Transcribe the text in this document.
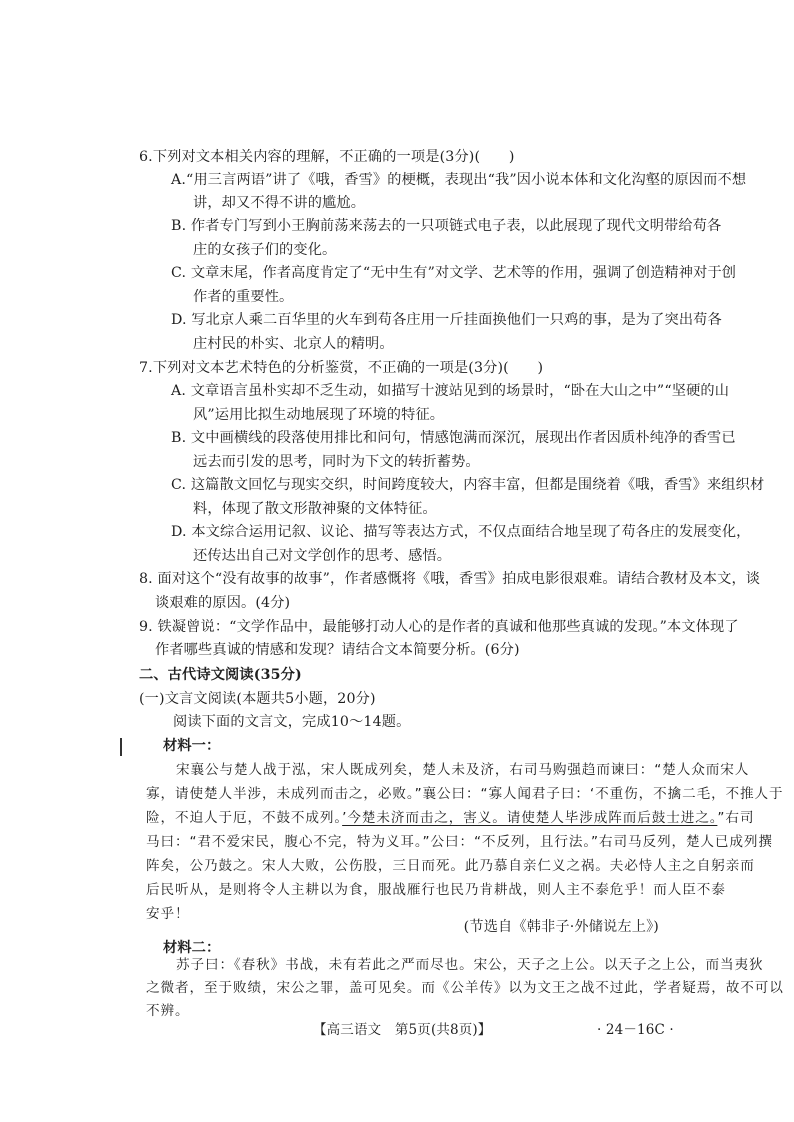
6.下列对文本相关内容的理解，不正确的一项是(3分)(　　)
A.“用三言两语”讲了《哦，香雪》的梗概，表现出“我”因小说本体和文化沟壑的原因而不想
讲，却又不得不讲的尴尬。
B. 作者专门写到小王胸前荡来荡去的一只项链式电子表，以此展现了现代文明带给苟各
庄的女孩子们的变化。
C. 文章末尾，作者高度肯定了“无中生有”对文学、艺术等的作用，强调了创造精神对于创
作者的重要性。
D. 写北京人乘二百华里的火车到苟各庄用一斤挂面换他们一只鸡的事，是为了突出苟各
庄村民的朴实、北京人的精明。
7.下列对文本艺术特色的分析鉴赏，不正确的一项是(3分)(　　)
A. 文章语言虽朴实却不乏生动，如描写十渡站见到的场景时，“卧在大山之中”“坚硬的山
风”运用比拟生动地展现了环境的特征。
B. 文中画横线的段落使用排比和问句，情感饱满而深沉，展现出作者因质朴纯净的香雪已
远去而引发的思考，同时为下文的转折蓄势。
C. 这篇散文回忆与现实交织，时间跨度较大，内容丰富，但都是围绕着《哦，香雪》来组织材
料，体现了散文形散神聚的文体特征。
D. 本文综合运用记叙、议论、描写等表达方式，不仅点面结合地呈现了苟各庄的发展变化，
还传达出自己对文学创作的思考、感悟。
8. 面对这个“没有故事的故事”，作者感慨将《哦，香雪》拍成电影很艰难。请结合教材及本文，谈
谈艰难的原因。(4分)
9. 铁凝曾说：“文学作品中，最能够打动人心的是作者的真诚和他那些真诚的发现。”本文体现了
作者哪些真诚的情感和发现？请结合文本简要分析。(6分)
二、古代诗文阅读(35分)
(一)文言文阅读(本题共5小题，20分)
阅读下面的文言文，完成10～14题。
材料一：
宋襄公与楚人战于泓，宋人既成列矣，楚人未及济，右司马购强趋而谏曰：“楚人众而宋人
寡，请使楚人半涉，未成列而击之，必败。”襄公曰：“寡人闻君子曰：‘不重伤，不擒二毛，不推人于
险，不迫人于厄，不鼓不成列。’今楚未济而击之，害义。请使楚人毕涉成阵而后鼓士进之。”右司
马曰：“君不爱宋民，腹心不完，特为义耳。”公曰：“不反列，且行法。”右司马反列，楚人已成列撰
阵矣，公乃鼓之。宋人大败，公伤股，三日而死。此乃慕自亲仁义之祸。夫必恃人主之自躬亲而
后民听从，是则将令人主耕以为食，服战雁行也民乃肯耕战，则人主不泰危乎！而人臣不泰
安乎！
(节选自《韩非子·外储说左上》)
材料二：
苏子曰：《春秋》书战，未有若此之严而尽也。宋公，天子之上公。以天子之上公，而当夷狄
之微者，至于败绩，宋公之罪，盖可见矣。而《公羊传》以为文王之战不过此，学者疑焉，故不可以
不辨。
【高三语文　第5页(共8页)】	· 24－16C ·
